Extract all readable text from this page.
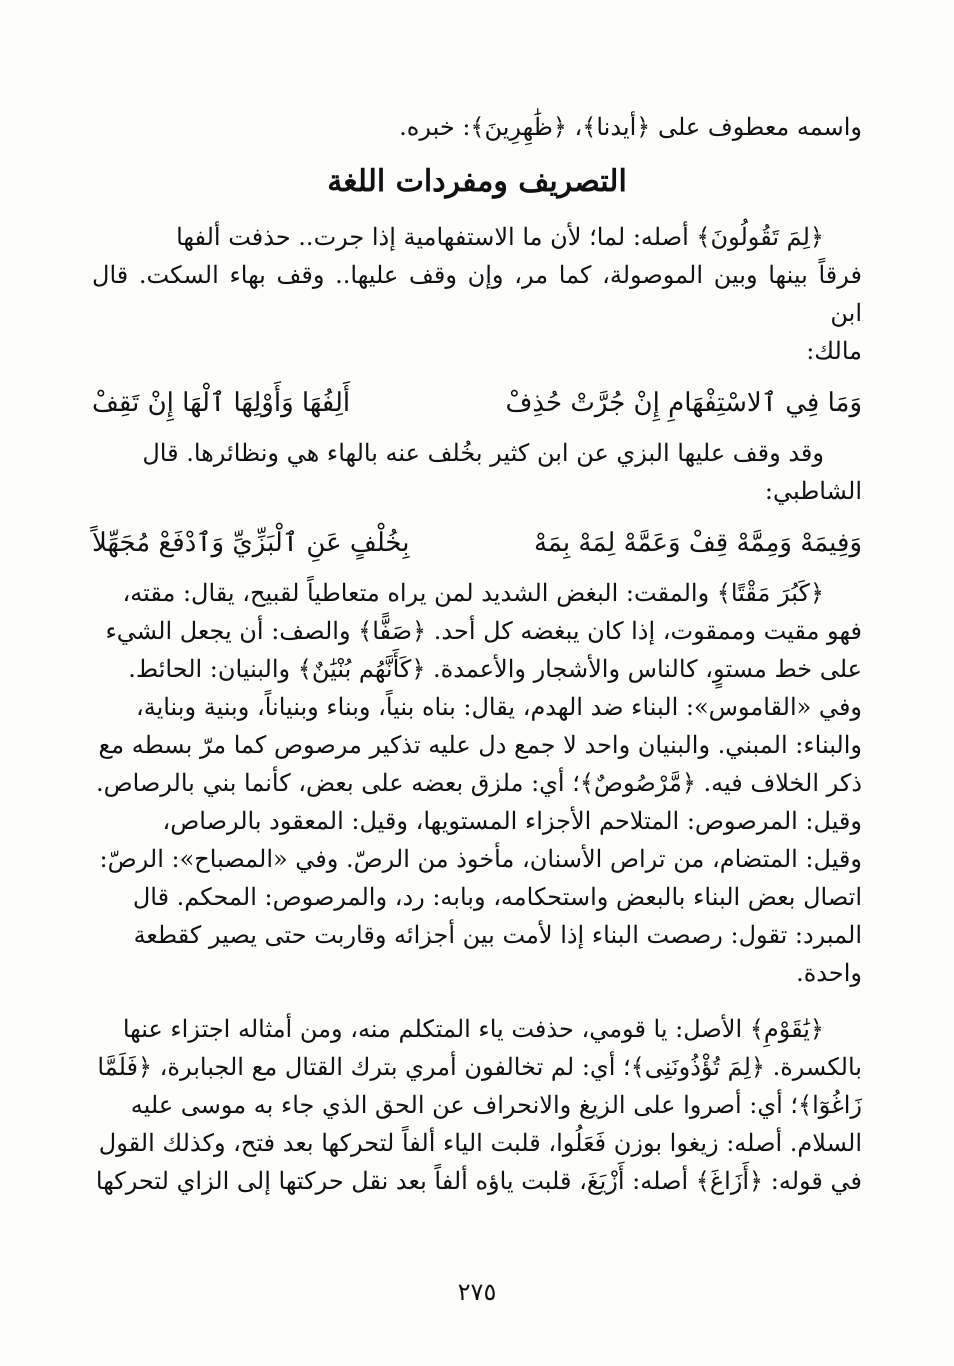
واسمه معطوف على ﴿أيدنا﴾، ﴿ظَٰهِرِينَ﴾: خبره.

التصريف ومفردات اللغة

﴿لِمَ تَقُولُونَ﴾ أصله: لما؛ لأن ما الاستفهامية إذا جرت.. حذفت ألفها
فرقاً بينها وبين الموصولة، كما مر، وإن وقف عليها.. وقف بهاء السكت. قال ابن
مالك:

وَمَا فِي ٱلاسْتِفْهَامِ إِنْ جُرَّتْ حُذِفْ
أَلِفُهَا وَأَوْلِهَا ٱلْهَا إِنْ تَقِفْ

وقد وقف عليها البزي عن ابن كثير بخُلف عنه بالهاء هي ونظائرها. قال
الشاطبي:

وَفِيمَهْ وَمِمَّهْ قِفْ وَعَمَّهْ لِمَهْ بِمَهْ
بِخُلْفٍ عَنِ ٱلْبَزِّيِّ وَٱدْفَعْ مُجَهِّلاً

﴿كَبُرَ مَقْتًا﴾ والمقت: البغض الشديد لمن يراه متعاطياً لقبيح، يقال: مقته،
فهو مقيت وممقوت، إذا كان يبغضه كل أحد. ﴿صَفًّا﴾ والصف: أن يجعل الشيء
على خط مستوٍ، كالناس والأشجار والأعمدة. ﴿كَأَنَّهُم بُنْيَٰنٌ﴾ والبنيان: الحائط.
وفي «القاموس»: البناء ضد الهدم، يقال: بناه بنياً، وبناء وبنياناً، وبنية وبناية،
والبناء: المبني. والبنيان واحد لا جمع دل عليه تذكير مرصوص كما مرّ بسطه مع
ذكر الخلاف فيه. ﴿مَّرْصُوصٌ﴾؛ أي: ملزق بعضه على بعض، كأنما بني بالرصاص.
وقيل: المرصوص: المتلاحم الأجزاء المستويها، وقيل: المعقود بالرصاص،
وقيل: المتضام، من تراص الأسنان، مأخوذ من الرصّ. وفي «المصباح»: الرصّ:
اتصال بعض البناء بالبعض واستحكامه، وبابه: رد، والمرصوص: المحكم. قال
المبرد: تقول: رصصت البناء إذا لأمت بين أجزائه وقاربت حتى يصير كقطعة
واحدة.

﴿يَٰقَوْمِ﴾ الأصل: يا قومي، حذفت ياء المتكلم منه، ومن أمثاله اجتزاء عنها
بالكسرة. ﴿لِمَ تُؤْذُونَنِى﴾؛ أي: لم تخالفون أمري بترك القتال مع الجبابرة، ﴿فَلَمَّا
زَاغُوٓا﴾؛ أي: أصروا على الزيغ والانحراف عن الحق الذي جاء به موسى عليه
السلام. أصله: زيغوا بوزن فَعَلُوا، قلبت الياء ألفاً لتحركها بعد فتح، وكذلك القول
في قوله: ﴿أَزَاغَ﴾ أصله: أَزْيَغَ، قلبت ياؤه ألفاً بعد نقل حركتها إلى الزاي لتحركها

٢٧٥
